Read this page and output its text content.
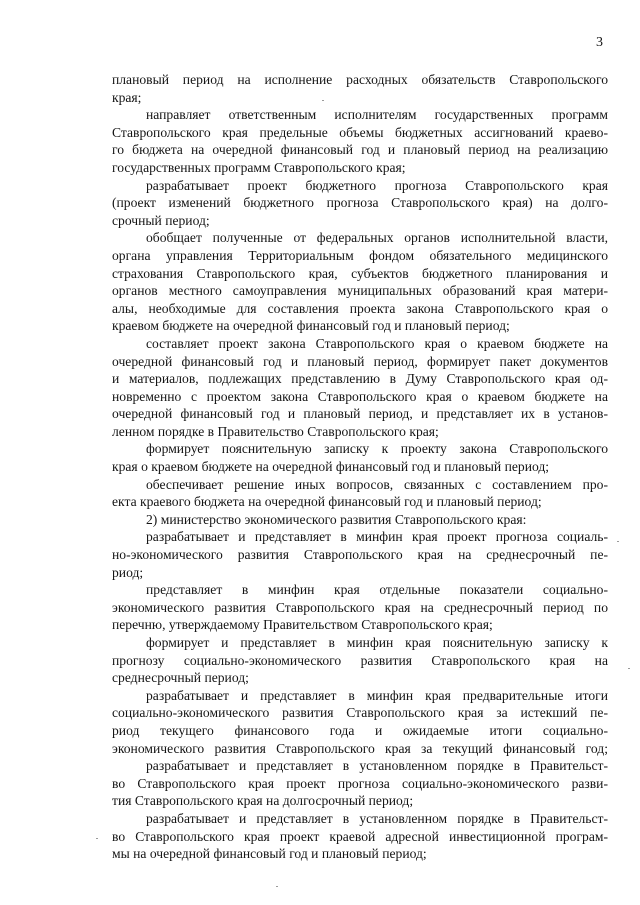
3
плановый период на исполнение расходных обязательств Ставропольского
края;
направляет ответственным исполнителям государственных программ
Ставропольского края предельные объемы бюджетных ассигнований краево-
го бюджета на очередной финансовый год и плановый период на реализацию
государственных программ Ставропольского края;
разрабатывает проект бюджетного прогноза Ставропольского края
(проект изменений бюджетного прогноза Ставропольского края) на долго-
срочный период;
обобщает полученные от федеральных органов исполнительной власти,
органа управления Территориальным фондом обязательного медицинского
страхования Ставропольского края, субъектов бюджетного планирования и
органов местного самоуправления муниципальных образований края матери-
алы, необходимые для составления проекта закона Ставропольского края о
краевом бюджете на очередной финансовый год и плановый период;
составляет проект закона Ставропольского края о краевом бюджете на
очередной финансовый год и плановый период, формирует пакет документов
и материалов, подлежащих представлению в Думу Ставропольского края од-
новременно с проектом закона Ставропольского края о краевом бюджете на
очередной финансовый год и плановый период, и представляет их в установ-
ленном порядке в Правительство Ставропольского края;
формирует пояснительную записку к проекту закона Ставропольского
края о краевом бюджете на очередной финансовый год и плановый период;
обеспечивает решение иных вопросов, связанных с составлением про-
екта краевого бюджета на очередной финансовый год и плановый период;
2) министерство экономического развития Ставропольского края:
разрабатывает и представляет в минфин края проект прогноза социаль-
но-экономического развития Ставропольского края на среднесрочный пе-
риод;
представляет в минфин края отдельные показатели социально-
экономического развития Ставропольского края на среднесрочный период по
перечню, утверждаемому Правительством Ставропольского края;
формирует и представляет в минфин края пояснительную записку к
прогнозу социально-экономического развития Ставропольского края на
среднесрочный период;
разрабатывает и представляет в минфин края предварительные итоги
социально-экономического развития Ставропольского края за истекший пе-
риод текущего финансового года и ожидаемые итоги социально-
экономического развития Ставропольского края за текущий финансовый год;
разрабатывает и представляет в установленном порядке в Правительст-
во Ставропольского края проект прогноза социально-экономического разви-
тия Ставропольского края на долгосрочный период;
разрабатывает и представляет в установленном порядке в Правительст-
во Ставропольского края проект краевой адресной инвестиционной програм-
мы на очередной финансовый год и плановый период;
